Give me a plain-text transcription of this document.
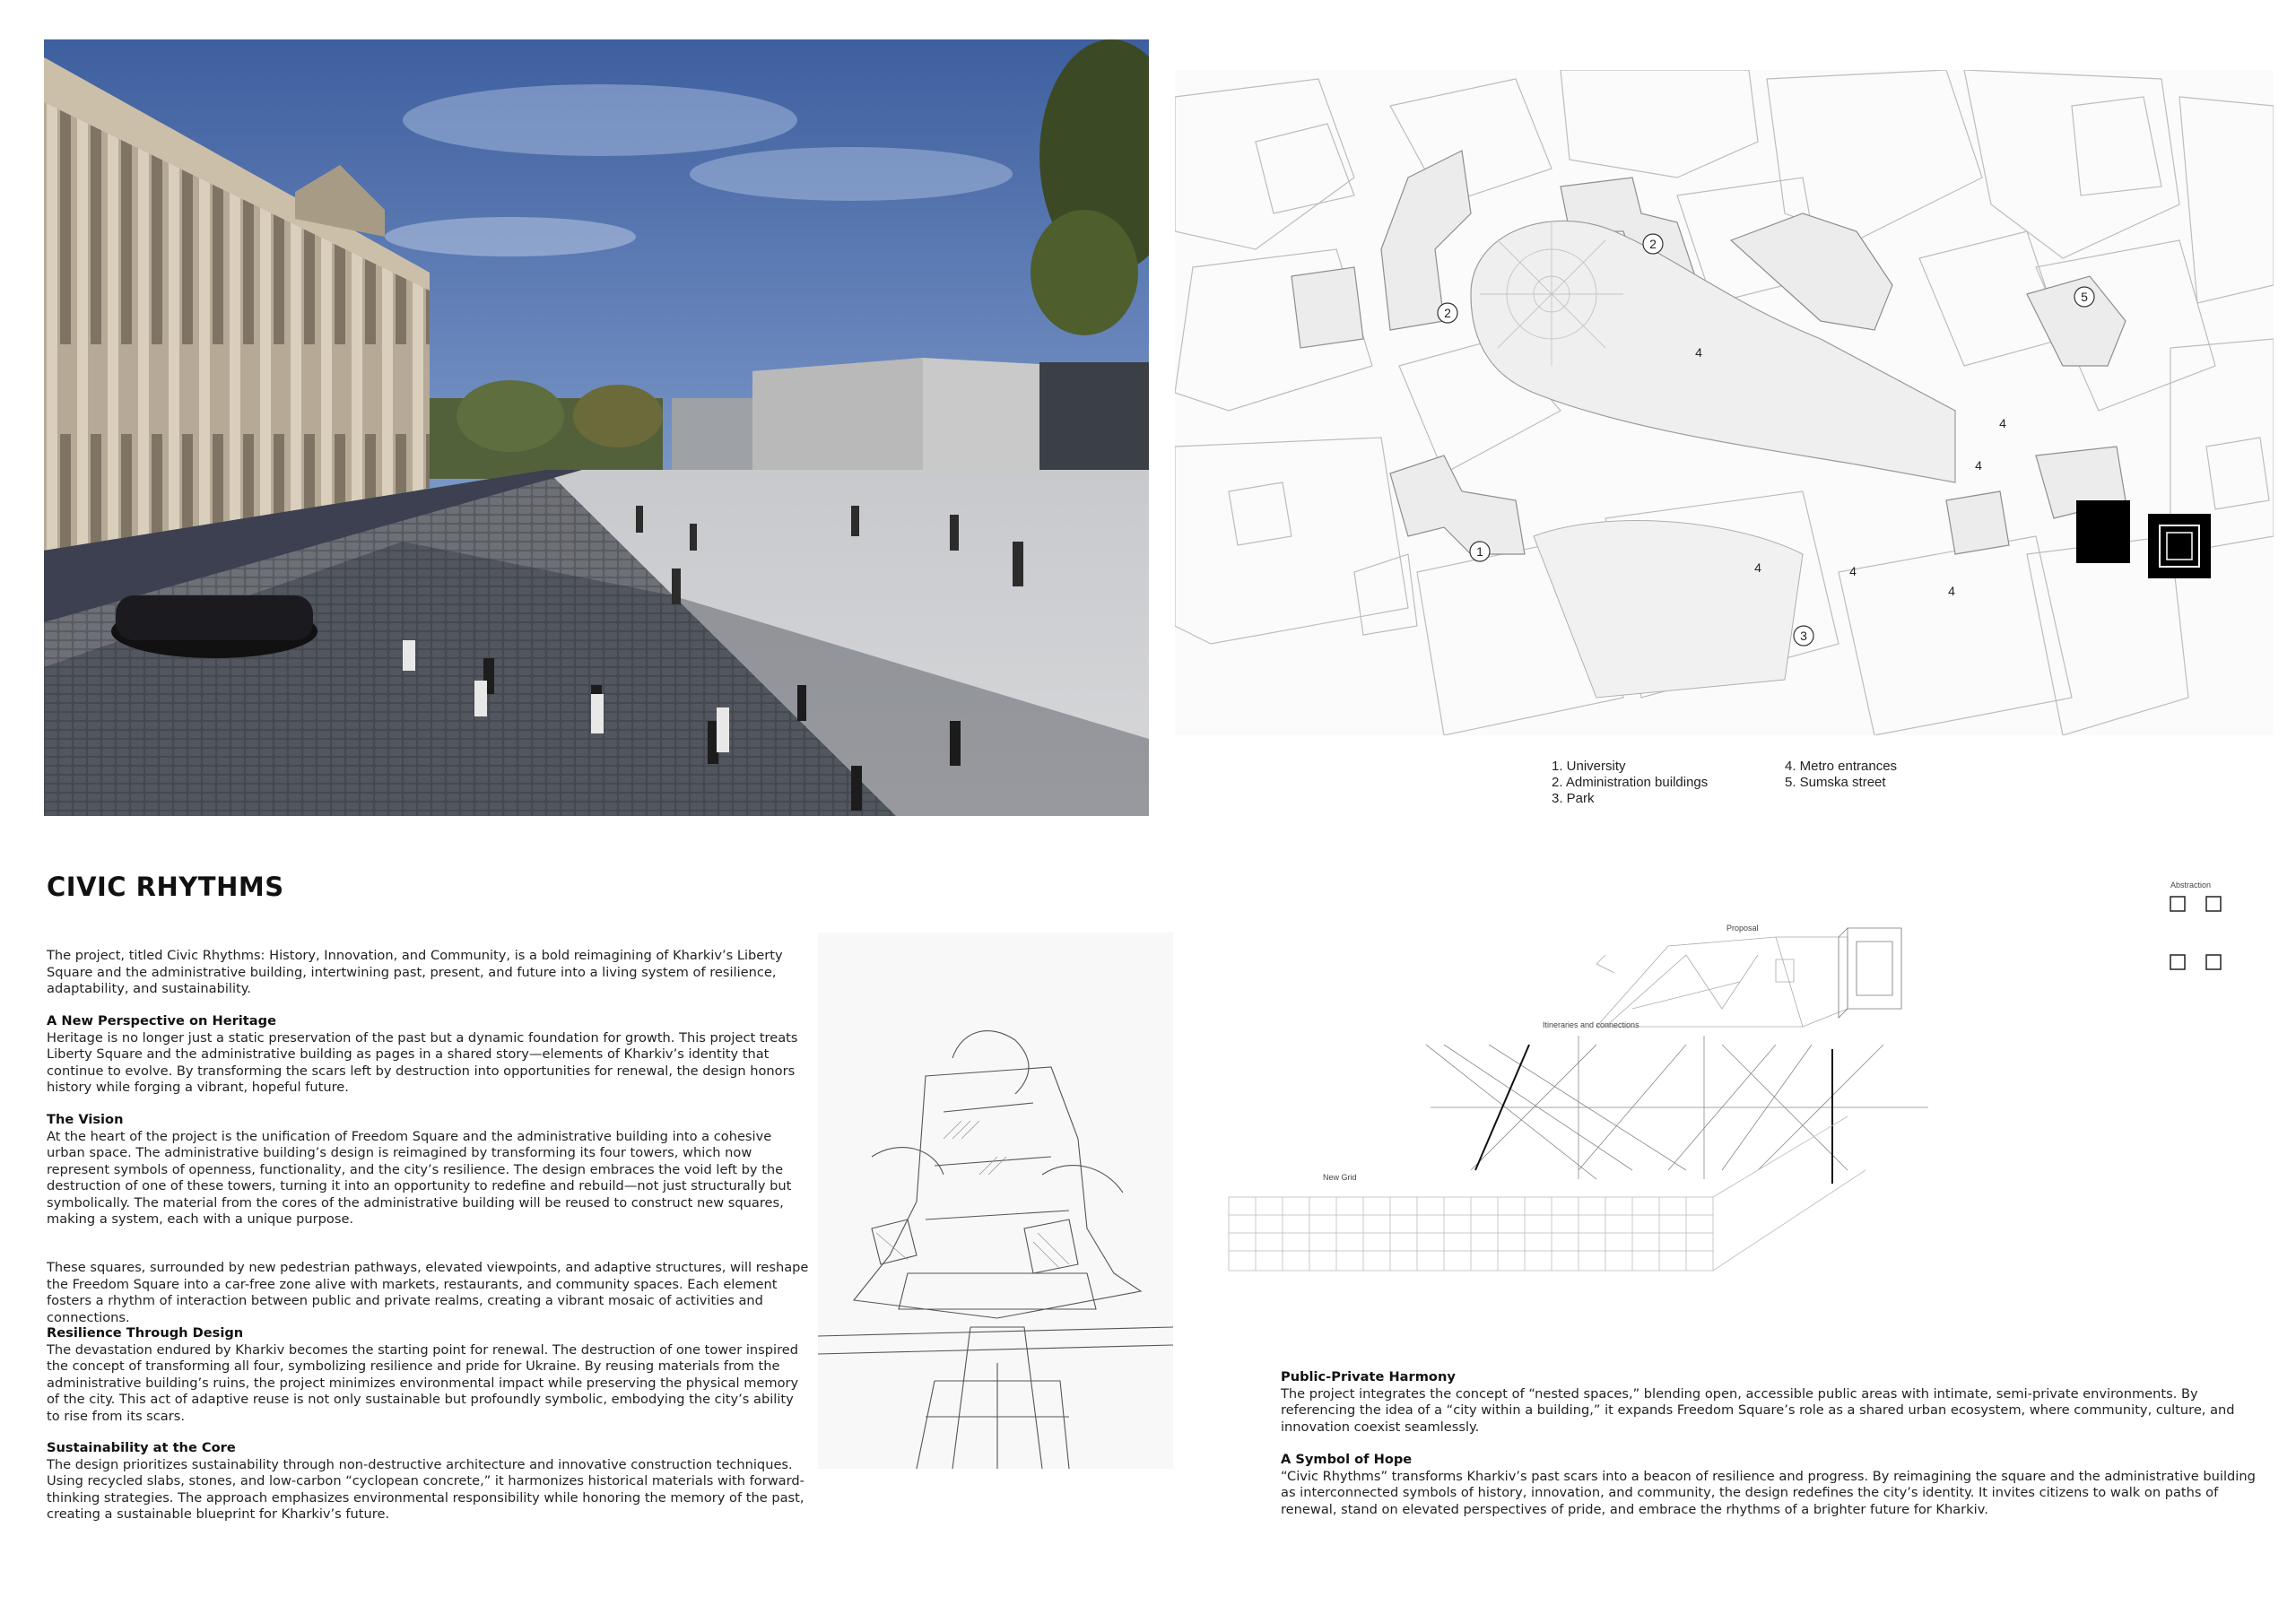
1
2
2
3
4
4
4
4
4
4
5
1. University
2. Administration buildings
3. Park
4. Metro entrances
5. Sumska street
CIVIC RHYTHMS

The project, titled Civic Rhythms: History, Innovation, and Community, is a bold reimagining of Kharkiv’s Liberty Square and the administrative building, intertwining past, present, and future into a living system of resilience, adaptability, and sustainability.

A New Perspective on Heritage

Heritage is no longer just a static preservation of the past but a dynamic foundation for growth. This project treats Liberty Square and the administrative building as pages in a shared story—elements of Kharkiv’s identity that continue to evolve. By transforming the scars left by destruction into opportunities for renewal, the design honors history while forging a vibrant, hopeful future.

The Vision

At the heart of the project is the unification of Freedom Square and the administrative building into a cohesive urban space. The administrative building’s design is reimagined by transforming its four towers, which now represent symbols of openness, functionality, and the city’s resilience. The design embraces the void left by the destruction of one of these towers, turning it into an opportunity to redefine and rebuild—not just structurally but symbolically. The material from the cores of the administrative building will be reused to construct new squares, making a system, each with a unique purpose.

These squares, surrounded by new pedestrian pathways, elevated viewpoints, and adaptive structures, will reshape the Freedom Square into a car-free zone alive with markets, restaurants, and community spaces. Each element fosters a rhythm of interaction between public and private realms, creating a vibrant mosaic of activities and connections.

Resilience Through Design

The devastation endured by Kharkiv becomes the starting point for renewal. The destruction of one tower inspired the concept of transforming all four, symbolizing resilience and pride for Ukraine. By reusing materials from the administrative building’s ruins, the project minimizes environmental impact while preserving the physical memory of the city. This act of adaptive reuse is not only sustainable but profoundly symbolic, embodying the city’s ability to rise from its scars.

Sustainability at the Core

The design prioritizes sustainability through non-destructive architecture and innovative construction techniques. Using recycled slabs, stones, and low-carbon “cyclopean concrete,” it harmonizes historical materials with forward-thinking strategies. The approach emphasizes environmental responsibility while honoring the memory of the past, creating a sustainable blueprint for Kharkiv’s future.

Abstraction
Proposal
Itineraries and connections
New Grid
Public-Private Harmony

The project integrates the concept of “nested spaces,” blending open, accessible public areas with intimate, semi-private environments. By referencing the idea of a “city within a building,” it expands Freedom Square’s role as a shared urban ecosystem, where community, culture, and innovation coexist seamlessly.

A Symbol of Hope

“Civic Rhythms” transforms Kharkiv’s past scars into a beacon of resilience and progress. By reimagining the square and the administrative building as interconnected symbols of history, innovation, and community, the design redefines the city’s identity. It invites citizens to walk on paths of renewal, stand on elevated perspectives of pride, and embrace the rhythms of a brighter future for Kharkiv.
